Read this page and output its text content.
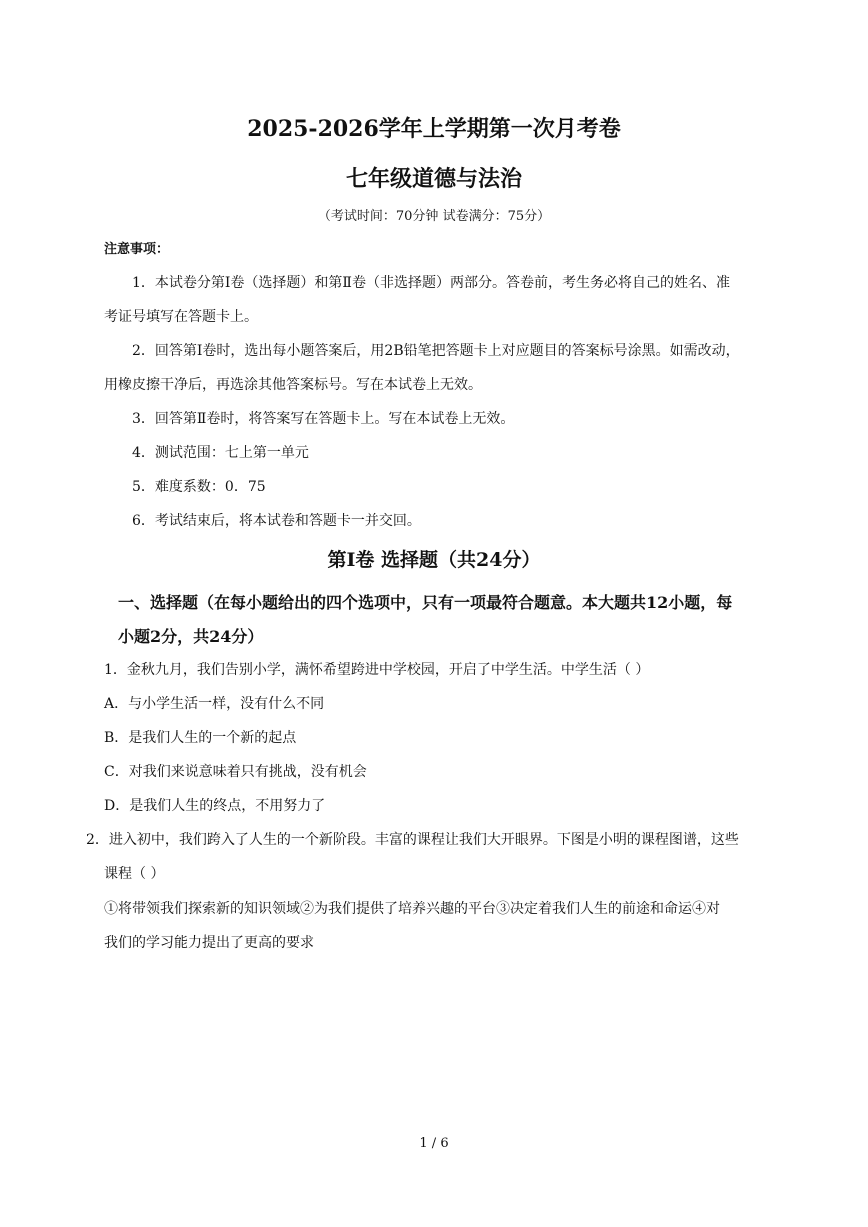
2025-2026学年上学期第一次月考卷
七年级道德与法治
（考试时间：70分钟 试卷满分：75分）
注意事项：
1．本试卷分第Ⅰ卷（选择题）和第Ⅱ卷（非选择题）两部分。答卷前，考生务必将自己的姓名、准
考证号填写在答题卡上。
2．回答第Ⅰ卷时，选出每小题答案后，用2B铅笔把答题卡上对应题目的答案标号涂黑。如需改动，
用橡皮擦干净后，再选涂其他答案标号。写在本试卷上无效。
3．回答第Ⅱ卷时，将答案写在答题卡上。写在本试卷上无效。
4．测试范围：七上第一单元
5．难度系数：0．75
6．考试结束后，将本试卷和答题卡一并交回。
第Ⅰ卷 选择题（共24分）
一、选择题（在每小题给出的四个选项中，只有一项最符合题意。本大题共12小题，每
小题2分，共24分）
1．金秋九月，我们告别小学，满怀希望跨进中学校园，开启了中学生活。中学生活（ ）
A．与小学生活一样，没有什么不同
B．是我们人生的一个新的起点
C．对我们来说意味着只有挑战，没有机会
D．是我们人生的终点，不用努力了
2．进入初中，我们跨入了人生的一个新阶段。丰富的课程让我们大开眼界。下图是小明的课程图谱，这些
课程（ ）
①将带领我们探索新的知识领域②为我们提供了培养兴趣的平台③决定着我们人生的前途和命运④对
我们的学习能力提出了更高的要求
1 / 6
